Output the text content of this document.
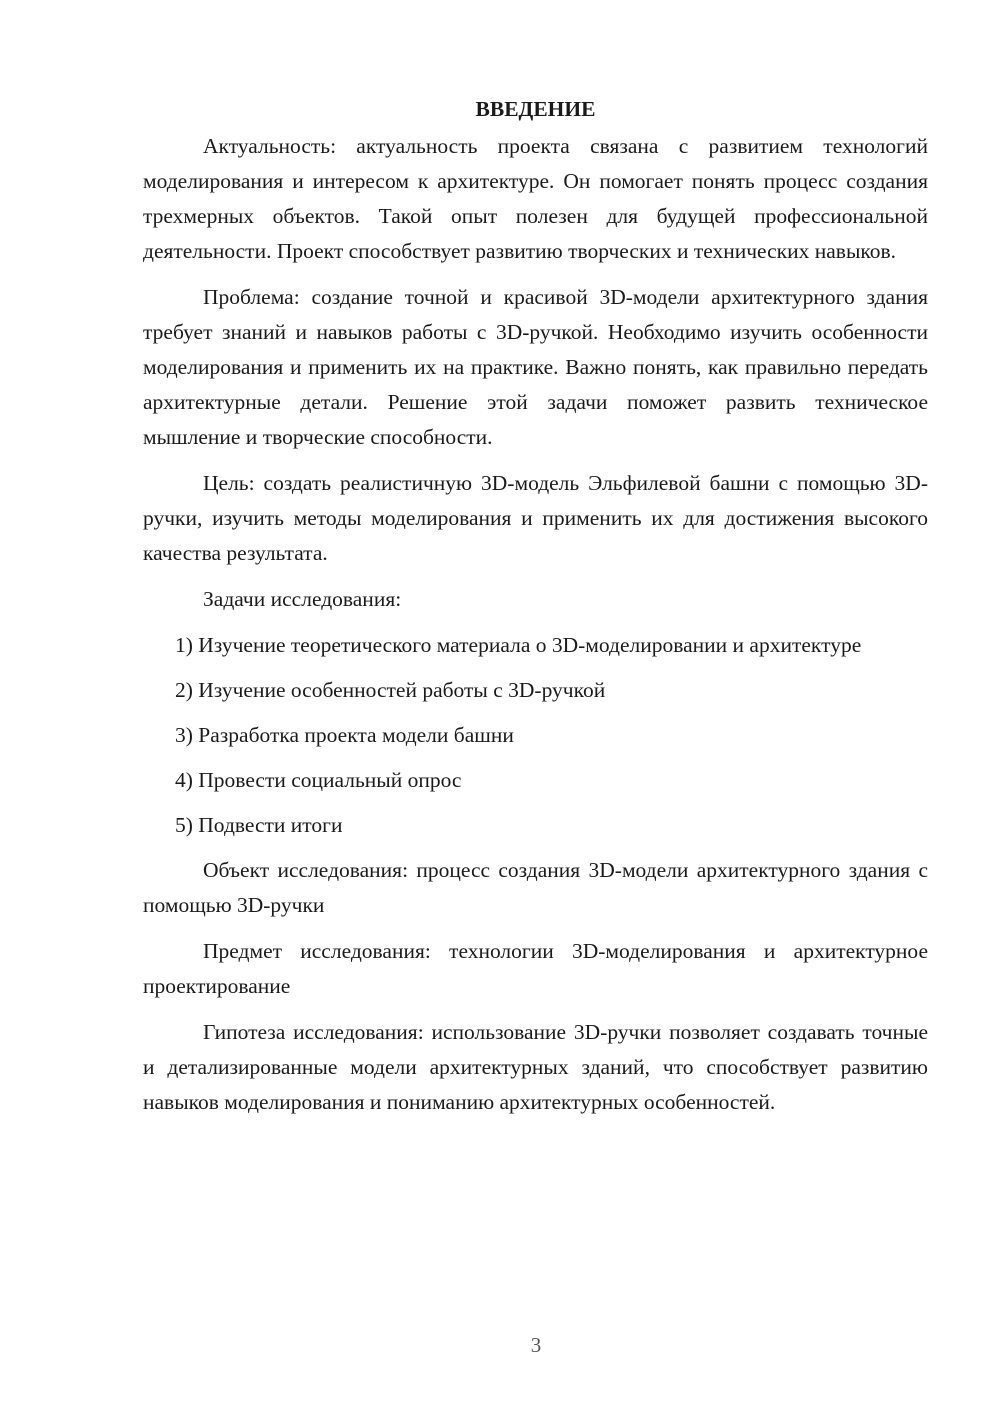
ВВЕДЕНИЕ

Актуальность: актуальность проекта связана с развитием технологий моделирования и интересом к архитектуре. Он помогает понять процесс создания трехмерных объектов. Такой опыт полезен для будущей профессиональной деятельности. Проект способствует развитию творческих и технических навыков.

Проблема: создание точной и красивой 3D-модели архитектурного здания требует знаний и навыков работы с 3D-ручкой. Необходимо изучить особенности моделирования и применить их на практике. Важно понять, как правильно передать архитектурные детали. Решение этой задачи поможет развить техническое мышление и творческие способности.

Цель: создать реалистичную 3D-модель Эльфилевой башни с помощью 3D-ручки, изучить методы моделирования и применить их для достижения высокого качества результата.

Задачи исследования:

1) Изучение теоретического материала о 3D-моделировании и архитектуре

2) Изучение особенностей работы с 3D-ручкой

3) Разработка проекта модели башни

4) Провести социальный опрос

5) Подвести итоги

Объект исследования: процесс создания 3D-модели архитектурного здания с помощью 3D-ручки

Предмет исследования: технологии 3D-моделирования и архитектурное проектирование

Гипотеза исследования: использование 3D-ручки позволяет создавать точные и детализированные модели архитектурных зданий, что способствует развитию навыков моделирования и пониманию архитектурных особенностей.

3
